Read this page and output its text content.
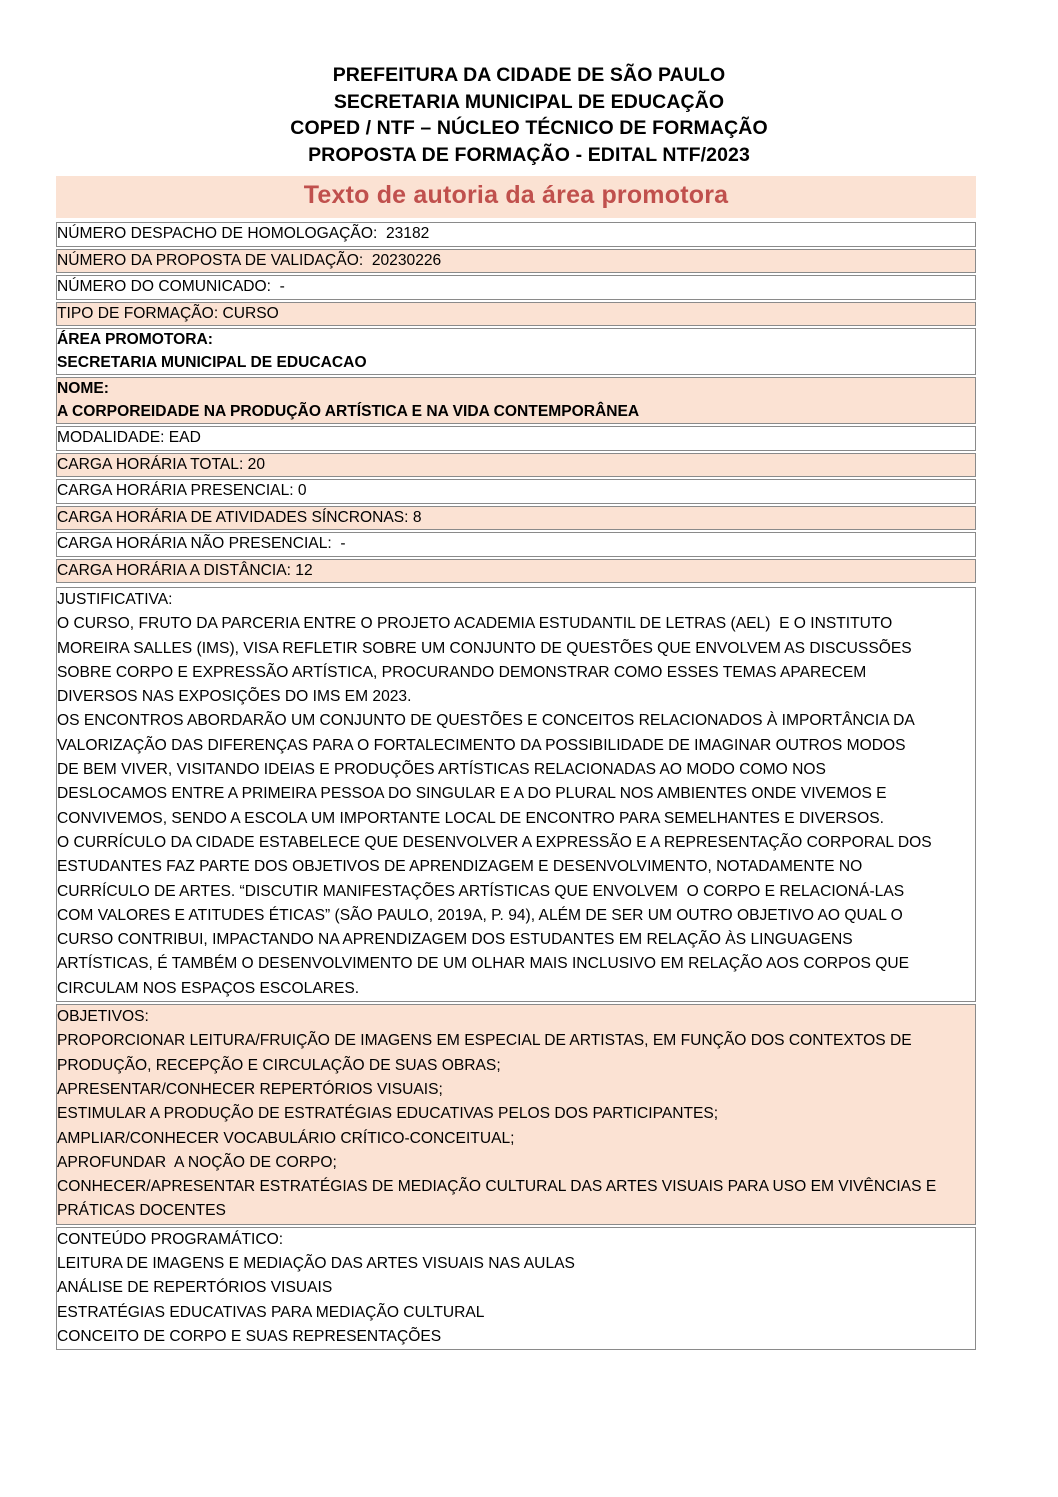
PREFEITURA DA CIDADE DE SÃO PAULO
SECRETARIA MUNICIPAL DE EDUCAÇÃO
COPED / NTF – NÚCLEO TÉCNICO DE FORMAÇÃO
PROPOSTA DE FORMAÇÃO - EDITAL NTF/2023
Texto de autoria da área promotora
NÚMERO DESPACHO DE HOMOLOGAÇÃO:  23182

NÚMERO DA PROPOSTA DE VALIDAÇÃO:  20230226

NÚMERO DO COMUNICADO:  -

TIPO DE FORMAÇÃO: CURSO

ÁREA PROMOTORA:
SECRETARIA MUNICIPAL DE EDUCACAO

NOME:
A CORPOREIDADE NA PRODUÇÃO ARTÍSTICA E NA VIDA CONTEMPORÂNEA

MODALIDADE: EAD

CARGA HORÁRIA TOTAL: 20

CARGA HORÁRIA PRESENCIAL: 0

CARGA HORÁRIA DE ATIVIDADES SÍNCRONAS: 8

CARGA HORÁRIA NÃO PRESENCIAL:  -

CARGA HORÁRIA A DISTÂNCIA: 12
JUSTIFICATIVA:
O CURSO, FRUTO DA PARCERIA ENTRE O PROJETO ACADEMIA ESTUDANTIL DE LETRAS (AEL)  E O INSTITUTO
MOREIRA SALLES (IMS), VISA REFLETIR SOBRE UM CONJUNTO DE QUESTÕES QUE ENVOLVEM AS DISCUSSÕES
SOBRE CORPO E EXPRESSÃO ARTÍSTICA, PROCURANDO DEMONSTRAR COMO ESSES TEMAS APARECEM
DIVERSOS NAS EXPOSIÇÕES DO IMS EM 2023.
OS ENCONTROS ABORDARÃO UM CONJUNTO DE QUESTÕES E CONCEITOS RELACIONADOS À IMPORTÂNCIA DA
VALORIZAÇÃO DAS DIFERENÇAS PARA O FORTALECIMENTO DA POSSIBILIDADE DE IMAGINAR OUTROS MODOS
DE BEM VIVER, VISITANDO IDEIAS E PRODUÇÕES ARTÍSTICAS RELACIONADAS AO MODO COMO NOS
DESLOCAMOS ENTRE A PRIMEIRA PESSOA DO SINGULAR E A DO PLURAL NOS AMBIENTES ONDE VIVEMOS E
CONVIVEMOS, SENDO A ESCOLA UM IMPORTANTE LOCAL DE ENCONTRO PARA SEMELHANTES E DIVERSOS.
O CURRÍCULO DA CIDADE ESTABELECE QUE DESENVOLVER A EXPRESSÃO E A REPRESENTAÇÃO CORPORAL DOS
ESTUDANTES FAZ PARTE DOS OBJETIVOS DE APRENDIZAGEM E DESENVOLVIMENTO, NOTADAMENTE NO
CURRÍCULO DE ARTES. “DISCUTIR MANIFESTAÇÕES ARTÍSTICAS QUE ENVOLVEM  O CORPO E RELACIONÁ-LAS
COM VALORES E ATITUDES ÉTICAS” (SÃO PAULO, 2019A, P. 94), ALÉM DE SER UM OUTRO OBJETIVO AO QUAL O
CURSO CONTRIBUI, IMPACTANDO NA APRENDIZAGEM DOS ESTUDANTES EM RELAÇÃO ÀS LINGUAGENS
ARTÍSTICAS, É TAMBÉM O DESENVOLVIMENTO DE UM OLHAR MAIS INCLUSIVO EM RELAÇÃO AOS CORPOS QUE
CIRCULAM NOS ESPAÇOS ESCOLARES.

OBJETIVOS:
PROPORCIONAR LEITURA/FRUIÇÃO DE IMAGENS EM ESPECIAL DE ARTISTAS, EM FUNÇÃO DOS CONTEXTOS DE
PRODUÇÃO, RECEPÇÃO E CIRCULAÇÃO DE SUAS OBRAS;
APRESENTAR/CONHECER REPERTÓRIOS VISUAIS;
ESTIMULAR A PRODUÇÃO DE ESTRATÉGIAS EDUCATIVAS PELOS DOS PARTICIPANTES;
AMPLIAR/CONHECER VOCABULÁRIO CRÍTICO-CONCEITUAL;
APROFUNDAR  A NOÇÃO DE CORPO;
CONHECER/APRESENTAR ESTRATÉGIAS DE MEDIAÇÃO CULTURAL DAS ARTES VISUAIS PARA USO EM VIVÊNCIAS E
PRÁTICAS DOCENTES

CONTEÚDO PROGRAMÁTICO:
LEITURA DE IMAGENS E MEDIAÇÃO DAS ARTES VISUAIS NAS AULAS
ANÁLISE DE REPERTÓRIOS VISUAIS
ESTRATÉGIAS EDUCATIVAS PARA MEDIAÇÃO CULTURAL
CONCEITO DE CORPO E SUAS REPRESENTAÇÕES
